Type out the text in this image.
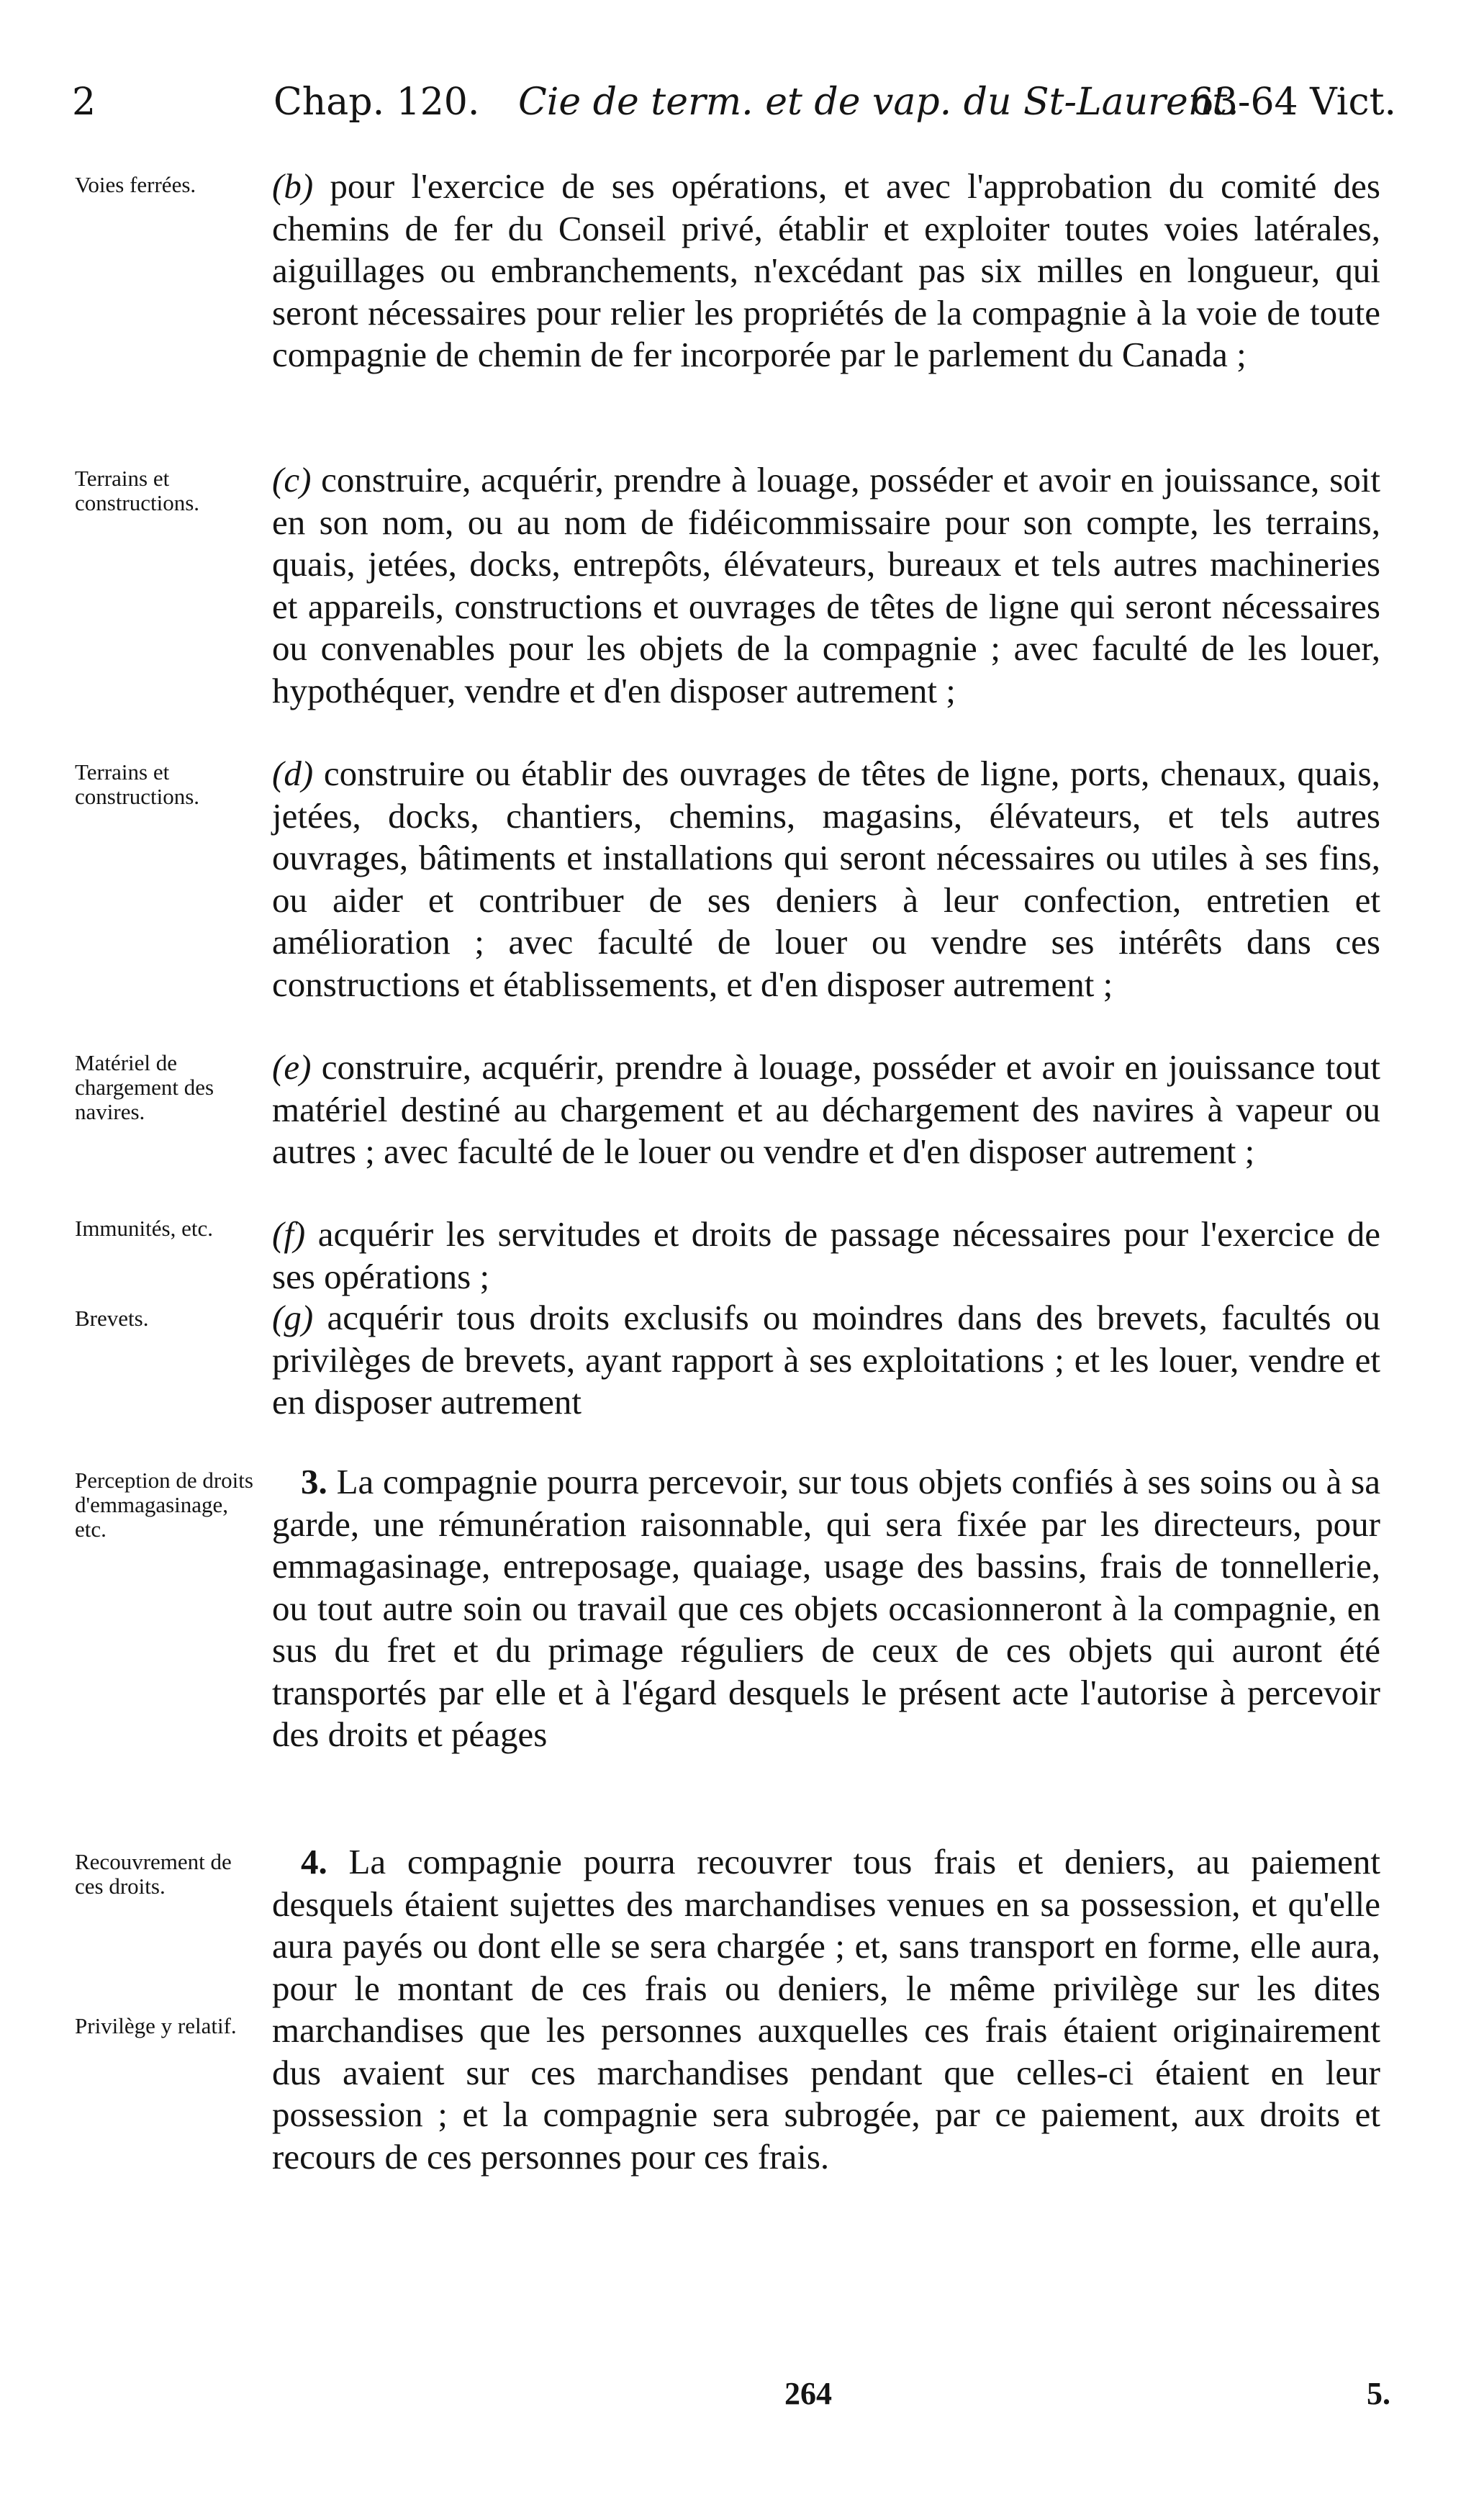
2	Chap. 120. Cie de term. et de vap. du St-Laurent.
63-64 Vict.
Voies ferrées.
Terrains et constructions.
Terrains et constructions.
Matériel de chargement des navires.
Immunités, etc.
Brevets.
Perception de droits d'emmagasinage, etc.
Recouvrement de ces droits.
Privilège y relatif.
(b) pour l'exercice de ses opérations, et avec l'approbation du comité des chemins de fer du Conseil privé, établir et exploiter toutes voies latérales, aiguillages ou embranchements, n'excédant pas six milles en longueur, qui seront nécessaires pour relier les propriétés de la compagnie à la voie de toute compagnie de chemin de fer incorporée par le parlement du Canada ;
(c) construire, acquérir, prendre à louage, posséder et avoir en jouissance, soit en son nom, ou au nom de fidéicommissaire pour son compte, les terrains, quais, jetées, docks, entrepôts, élévateurs, bureaux et tels autres machineries et appareils, constructions et ouvrages de têtes de ligne qui seront nécessaires ou convenables pour les objets de la compagnie ; avec faculté de les louer, hypothéquer, vendre et d'en disposer autrement ;
(d) construire ou établir des ouvrages de têtes de ligne, ports, chenaux, quais, jetées, docks, chantiers, chemins, magasins, élévateurs, et tels autres ouvrages, bâtiments et installations qui seront nécessaires ou utiles à ses fins, ou aider et contribuer de ses deniers à leur confection, entretien et amélioration ; avec faculté de louer ou vendre ses intérêts dans ces constructions et établissements, et d'en disposer autrement ;
(e) construire, acquérir, prendre à louage, posséder et avoir en jouissance tout matériel destiné au chargement et au déchargement des navires à vapeur ou autres ; avec faculté de le louer ou vendre et d'en disposer autrement ;
(f) acquérir les servitudes et droits de passage nécessaires pour l'exercice de ses opérations ;
(g) acquérir tous droits exclusifs ou moindres dans des brevets, facultés ou privilèges de brevets, ayant rapport à ses exploitations ; et les louer, vendre et en disposer autrement
3. La compagnie pourra percevoir, sur tous objets confiés à ses soins ou à sa garde, une rémunération raisonnable, qui sera fixée par les directeurs, pour emmagasinage, entreposage, quaiage, usage des bassins, frais de tonnellerie, ou tout autre soin ou travail que ces objets occasionneront à la compagnie, en sus du fret et du primage réguliers de ceux de ces objets qui auront été transportés par elle et à l'égard desquels le présent acte l'autorise à percevoir des droits et péages
4. La compagnie pourra recouvrer tous frais et deniers, au paiement desquels étaient sujettes des marchandises venues en sa possession, et qu'elle aura payés ou dont elle se sera chargée ; et, sans transport en forme, elle aura, pour le montant de ces frais ou deniers, le même privilège sur les dites marchandises que les personnes auxquelles ces frais étaient originairement dus avaient sur ces marchandises pendant que celles-ci étaient en leur possession ; et la compagnie sera subrogée, par ce paiement, aux droits et recours de ces personnes pour ces frais.
264	5.
